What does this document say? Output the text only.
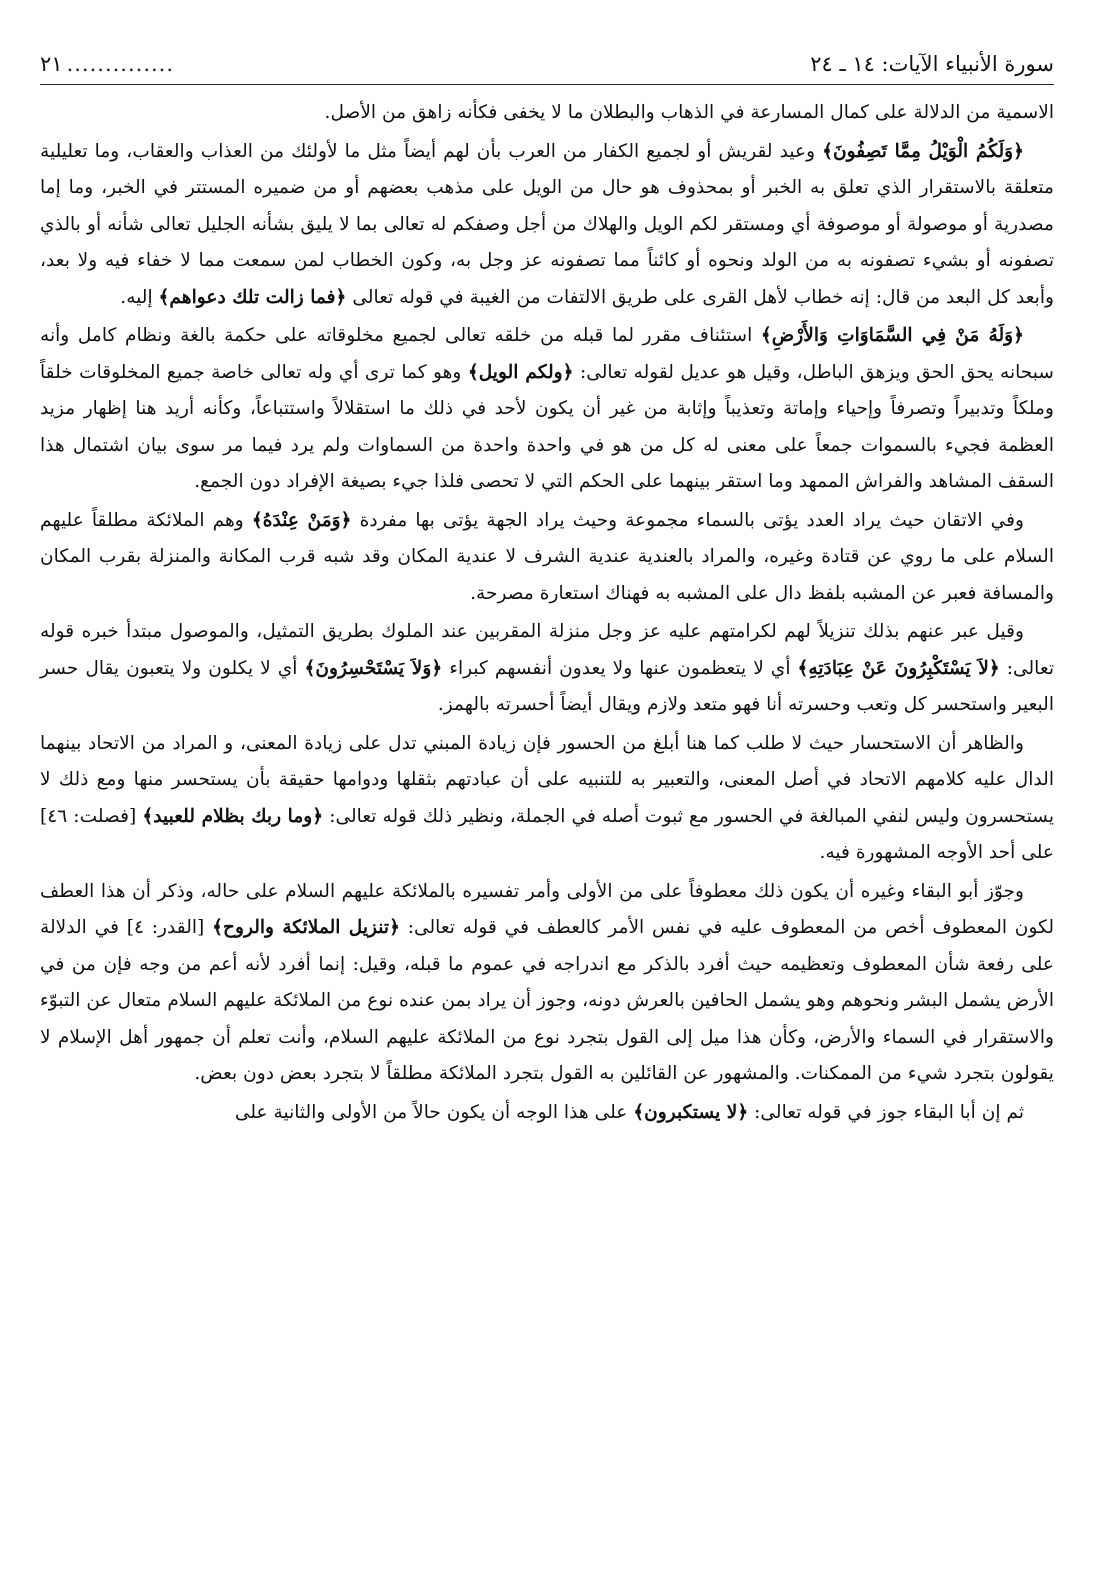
سورة الأنبياء الآيات: ١٤ ـ ٢٤
..............
٢١

الاسمية من الدلالة على كمال المسارعة في الذهاب والبطلان ما لا يخفى فكأنه زاهق من الأصل.

﴿وَلَكُمُ الْوَيْلُ مِمَّا تَصِفُونَ﴾ وعيد لقريش أو لجميع الكفار من العرب بأن لهم أيضاً مثل ما لأولئك من العذاب والعقاب، وما تعليلية متعلقة بالاستقرار الذي تعلق به الخبر أو بمحذوف هو حال من الويل على مذهب بعضهم أو من ضميره المستتر في الخبر، وما إما مصدرية أو موصولة أو موصوفة أي ومستقر لكم الويل والهلاك من أجل وصفكم له تعالى بما لا يليق بشأنه الجليل تعالى شأنه أو بالذي تصفونه أو بشيء تصفونه به من الولد ونحوه أو كائناً مما تصفونه عز وجل به، وكون الخطاب لمن سمعت مما لا خفاء فيه ولا بعد، وأبعد كل البعد من قال: إنه خطاب لأهل القرى على طريق الالتفات من الغيبة في قوله تعالى ﴿فما زالت تلك دعواهم﴾ إليه.

﴿وَلَهُ مَنْ فِي السَّمَاوَاتِ وَالأَرْضِ﴾ استئناف مقرر لما قبله من خلقه تعالى لجميع مخلوقاته على حكمة بالغة ونظام كامل وأنه سبحانه يحق الحق ويزهق الباطل، وقيل هو عديل لقوله تعالى: ﴿ولكم الويل﴾ وهو كما ترى أي وله تعالى خاصة جميع المخلوقات خلقاً وملكاً وتدبيراً وتصرفاً وإحياء وإماتة وتعذيباً وإثابة من غير أن يكون لأحد في ذلك ما استقلالاً واستتباعاً، وكأنه أريد هنا إظهار مزيد العظمة فجيء بالسموات جمعاً على معنى له كل من هو في واحدة واحدة من السماوات ولم يرد فيما مر سوى بيان اشتمال هذا السقف المشاهد والفراش الممهد وما استقر بينهما على الحكم التي لا تحصى فلذا جيء بصيغة الإفراد دون الجمع.

وفي الاتقان حيث يراد العدد يؤتى بالسماء مجموعة وحيث يراد الجهة يؤتى بها مفردة ﴿وَمَنْ عِنْدَهُ﴾ وهم الملائكة مطلقاً عليهم السلام على ما روي عن قتادة وغيره، والمراد بالعندية عندية الشرف لا عندية المكان وقد شبه قرب المكانة والمنزلة بقرب المكان والمسافة فعبر عن المشبه بلفظ دال على المشبه به فهناك استعارة مصرحة.

وقيل عبر عنهم بذلك تنزيلاً لهم لكرامتهم عليه عز وجل منزلة المقربين عند الملوك بطريق التمثيل، والموصول مبتدأ خبره قوله تعالى: ﴿لاَ يَسْتَكْبِرُونَ عَنْ عِبَادَتِهِ﴾ أي لا يتعظمون عنها ولا يعدون أنفسهم كبراء ﴿وَلاَ يَسْتَحْسِرُونَ﴾ أي لا يكلون ولا يتعبون يقال حسر البعير واستحسر كل وتعب وحسرته أنا فهو متعد ولازم ويقال أيضاً أحسرته بالهمز.

والظاهر أن الاستحسار حيث لا طلب كما هنا أبلغ من الحسور فإن زيادة المبني تدل على زيادة المعنى، و المراد من الاتحاد بينهما الدال عليه كلامهم الاتحاد في أصل المعنى، والتعبير به للتنبيه على أن عبادتهم بثقلها ودوامها حقيقة بأن يستحسر منها ومع ذلك لا يستحسرون وليس لنفي المبالغة في الحسور مع ثبوت أصله في الجملة، ونظير ذلك قوله تعالى: ﴿وما ربك بظلام للعبيد﴾ [فصلت: ٤٦] على أحد الأوجه المشهورة فيه.

وجوّز أبو البقاء وغيره أن يكون ذلك معطوفاً على من الأولى وأمر تفسيره بالملائكة عليهم السلام على حاله، وذكر أن هذا العطف لكون المعطوف أخص من المعطوف عليه في نفس الأمر كالعطف في قوله تعالى: ﴿تنزيل الملائكة والروح﴾ [القدر: ٤] في الدلالة على رفعة شأن المعطوف وتعظيمه حيث أفرد بالذكر مع اندراجه في عموم ما قبله، وقيل: إنما أفرد لأنه أعم من وجه فإن من في الأرض يشمل البشر ونحوهم وهو يشمل الحافين بالعرش دونه، وجوز أن يراد بمن عنده نوع من الملائكة عليهم السلام متعال عن التبوّء والاستقرار في السماء والأرض، وكأن هذا ميل إلى القول بتجرد نوع من الملائكة عليهم السلام، وأنت تعلم أن جمهور أهل الإسلام لا يقولون بتجرد شيء من الممكنات. والمشهور عن القائلين به القول بتجرد الملائكة مطلقاً لا بتجرد بعض دون بعض.

ثم إن أبا البقاء جوز في قوله تعالى: ﴿لا يستكبرون﴾ على هذا الوجه أن يكون حالاً من الأولى والثانية على
